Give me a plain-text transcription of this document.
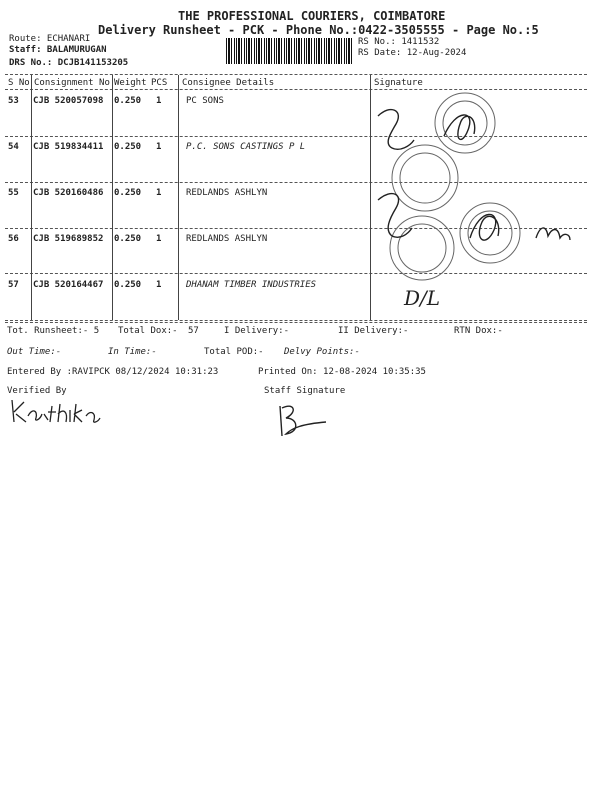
THE PROFESSIONAL COURIERS, COIMBATORE
Delivery Runsheet - PCK - Phone No.:0422-3505555 - Page No.:5
Route: ECHANARI
Staff: BALAMURUGAN
DRS No.: DCJB141153205
RS No.: 1411532
RS Date: 12-Aug-2024
S No Consignment No Weight PCS Consignee Details	Signature
53 CJB 520057098 0.250 1	PC SONS
54 CJB 519834411 0.250 1	P.C. SONS CASTINGS P L
55 CJB 520160486 0.250 1	REDLANDS ASHLYN
56 CJB 519689852 0.250 1	REDLANDS ASHLYN
57 CJB 520164467 0.250 1	DHANAM TIMBER INDUSTRIES
D/L
Tot. Runsheet:- 5 Total Dox:- 57	I Delivery:-	II Delivery:-	RTN Dox:-
Out Time:-	In Time:-	Total POD:- Delvy Points:-
Entered By :RAVIPCK 08/12/2024 10:31:23	Printed On: 12-08-2024 10:35:35
Verified By	Staff Signature
